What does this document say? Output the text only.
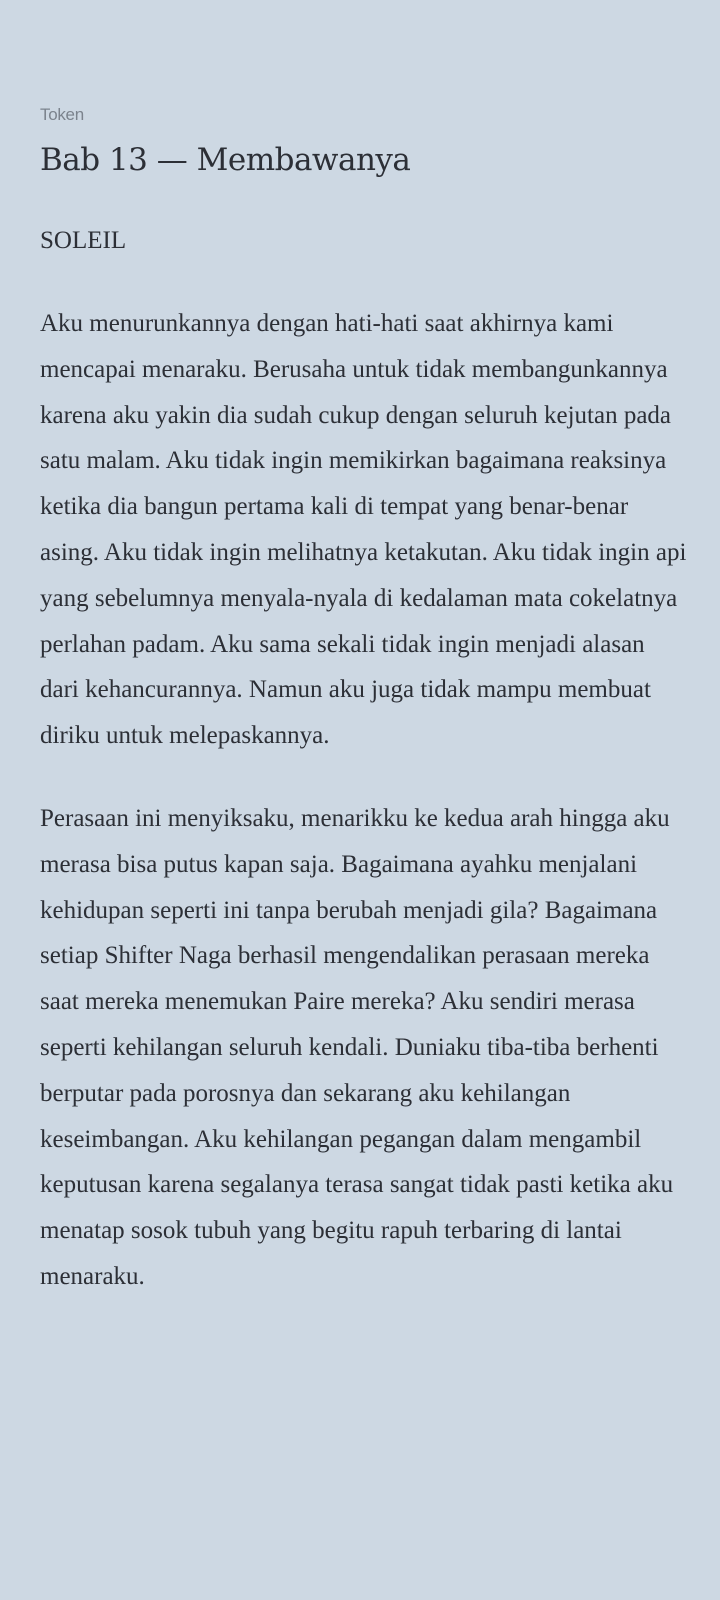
Token
Bab 13 — Membawanya

SOLEIL

Aku menurunkannya dengan hati-hati saat akhirnya kami mencapai menaraku. Berusaha untuk tidak membangunkannya karena aku yakin dia sudah cukup dengan seluruh kejutan pada satu malam. Aku tidak ingin memikirkan bagaimana reaksinya ketika dia bangun pertama kali di tempat yang benar-benar asing. Aku tidak ingin melihatnya ketakutan. Aku tidak ingin api yang sebelumnya menyala-nyala di kedalaman mata cokelatnya perlahan padam. Aku sama sekali tidak ingin menjadi alasan dari kehancurannya. Namun aku juga tidak mampu membuat diriku untuk melepaskannya.

Perasaan ini menyiksaku, menarikku ke kedua arah hingga aku merasa bisa putus kapan saja. Bagaimana ayahku menjalani kehidupan seperti ini tanpa berubah menjadi gila? Bagaimana setiap Shifter Naga berhasil mengendalikan perasaan mereka saat mereka menemukan Paire mereka? Aku sendiri merasa seperti kehilangan seluruh kendali. Duniaku tiba-tiba berhenti berputar pada porosnya dan sekarang aku kehilangan keseimbangan. Aku kehilangan pegangan dalam mengambil keputusan karena segalanya terasa sangat tidak pasti ketika aku menatap sosok tubuh yang begitu rapuh terbaring di lantai menaraku.
